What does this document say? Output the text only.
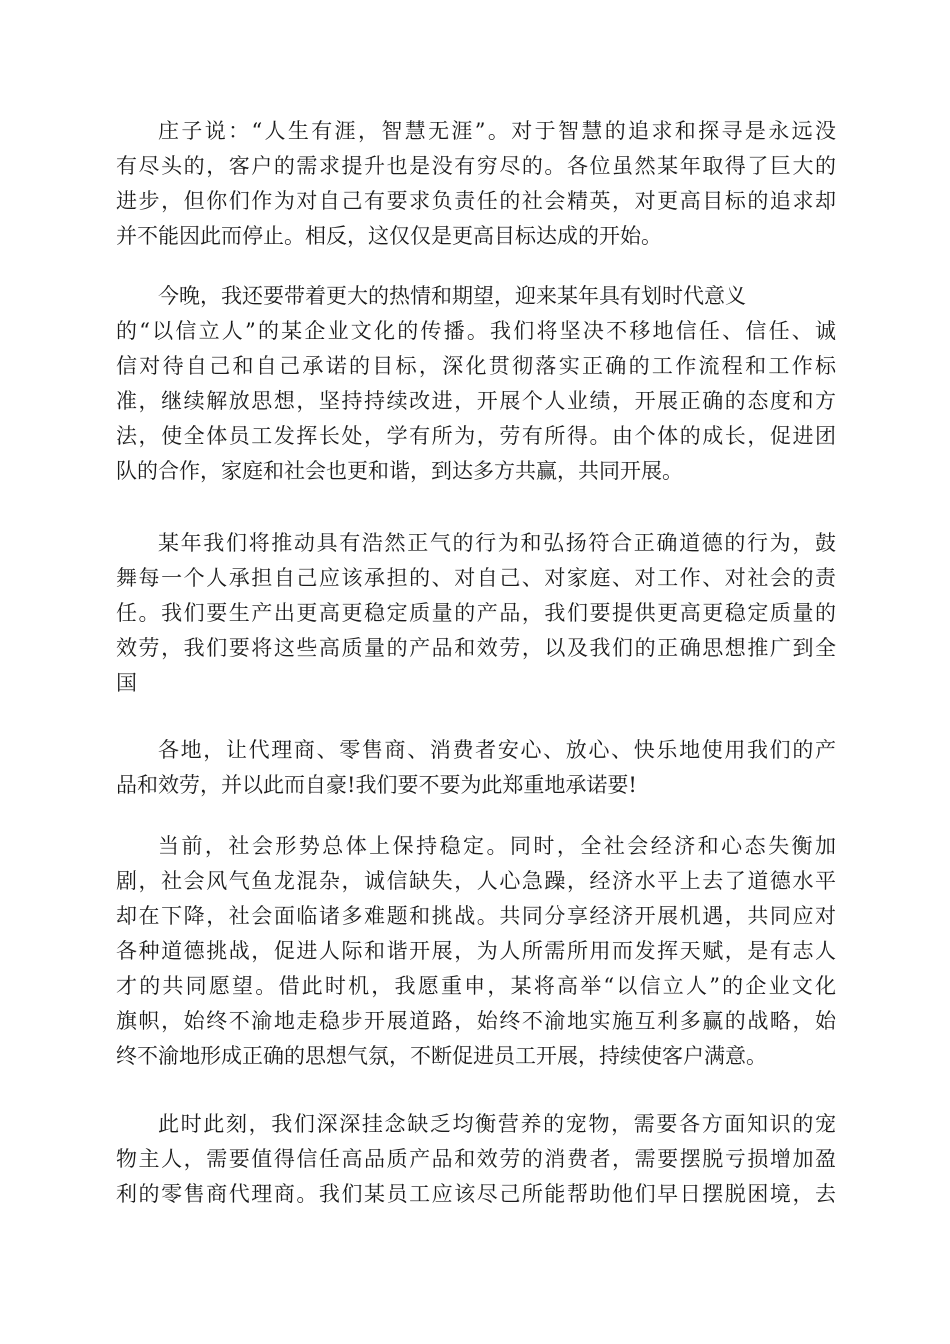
庄子说：“人生有涯，智慧无涯”。对于智慧的追求和探寻是永远没
有尽头的，客户的需求提升也是没有穷尽的。各位虽然某年取得了巨大的
进步，但你们作为对自己有要求负责任的社会精英，对更高目标的追求却
并不能因此而停止。相反，这仅仅是更高目标达成的开始。
今晚，我还要带着更大的热情和期望，迎来某年具有划时代意义
的“以信立人”的某企业文化的传播。我们将坚决不移地信任、信任、诚
信对待自己和自己承诺的目标，深化贯彻落实正确的工作流程和工作标
准，继续解放思想，坚持持续改进，开展个人业绩，开展正确的态度和方
法，使全体员工发挥长处，学有所为，劳有所得。由个体的成长，促进团
队的合作，家庭和社会也更和谐，到达多方共赢，共同开展。
某年我们将推动具有浩然正气的行为和弘扬符合正确道德的行为，鼓
舞每一个人承担自己应该承担的、对自己、对家庭、对工作、对社会的责
任。我们要生产出更高更稳定质量的产品，我们要提供更高更稳定质量的
效劳，我们要将这些高质量的产品和效劳，以及我们的正确思想推广到全
国
各地，让代理商、零售商、消费者安心、放心、快乐地使用我们的产
品和效劳，并以此而自豪!我们要不要为此郑重地承诺要!
当前，社会形势总体上保持稳定。同时，全社会经济和心态失衡加
剧，社会风气鱼龙混杂，诚信缺失，人心急躁，经济水平上去了道德水平
却在下降，社会面临诸多难题和挑战。共同分享经济开展机遇，共同应对
各种道德挑战，促进人际和谐开展，为人所需所用而发挥天赋，是有志人
才的共同愿望。借此时机，我愿重申，某将高举“以信立人”的企业文化
旗帜，始终不渝地走稳步开展道路，始终不渝地实施互利多赢的战略，始
终不渝地形成正确的思想气氛，不断促进员工开展，持续使客户满意。
此时此刻，我们深深挂念缺乏均衡营养的宠物，需要各方面知识的宠
物主人，需要值得信任高品质产品和效劳的消费者，需要摆脱亏损增加盈
利的零售商代理商。我们某员工应该尽己所能帮助他们早日摆脱困境，去
